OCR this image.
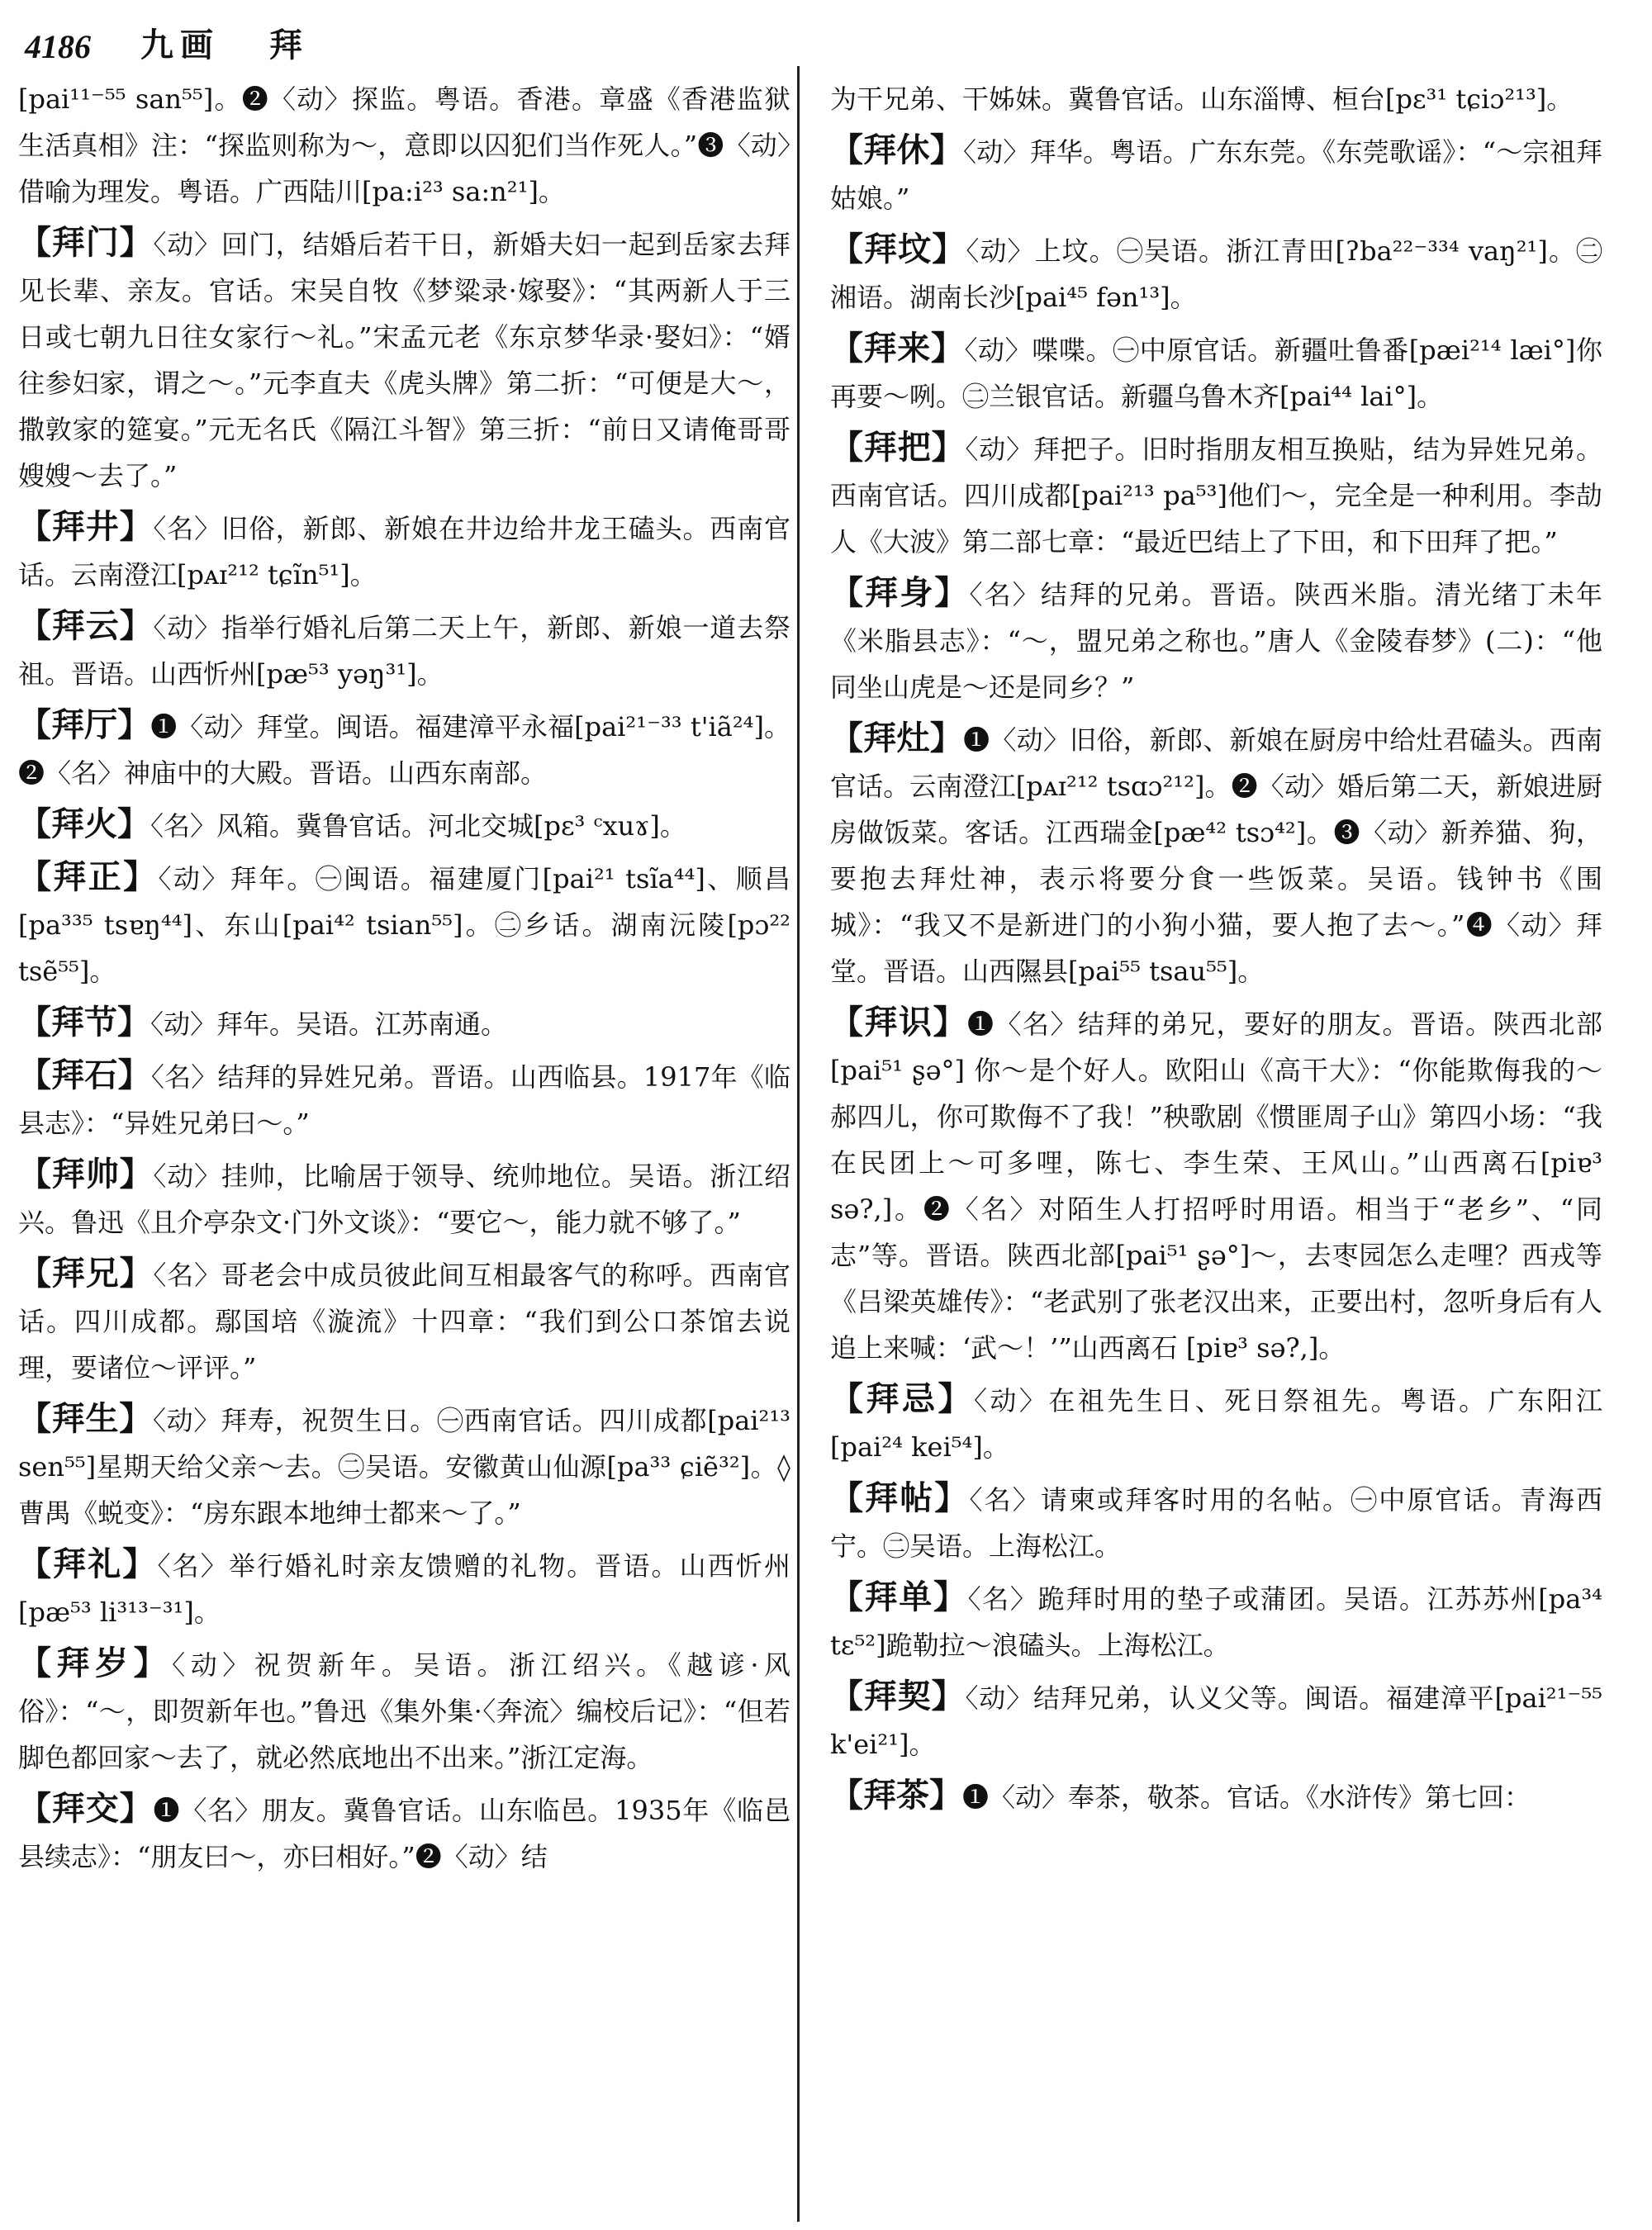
4186 九画 拜
[pai¹¹⁻⁵⁵ san⁵⁵]。❷〈动〉探监。粤语。香港。章盛《香港监狱生活真相》注：“探监则称为～，意即以囚犯们当作死人。”❸〈动〉借喻为理发。粤语。广西陆川[pa:i²³ sa:n²¹]。
【拜门】〈动〉回门，结婚后若干日，新婚夫妇一起到岳家去拜见长辈、亲友。官话。宋吴自牧《梦粱录·嫁娶》：“其两新人于三日或七朝九日往女家行～礼。”宋孟元老《东京梦华录·娶妇》：“婿往参妇家，谓之～。”元李直夫《虎头牌》第二折：“可便是大～，撒敦家的筵宴。”元无名氏《隔江斗智》第三折：“前日又请俺哥哥嫂嫂～去了。”
【拜井】〈名〉旧俗，新郎、新娘在井边给井龙王磕头。西南官话。云南澄江[pᴀɪ²¹² tɕĩn⁵¹]。
【拜云】〈动〉指举行婚礼后第二天上午，新郎、新娘一道去祭祖。晋语。山西忻州[pæ⁵³ yəŋ³¹]。
【拜厅】❶〈动〉拜堂。闽语。福建漳平永福[pai²¹⁻³³ t'iã²⁴]。❷〈名〉神庙中的大殿。晋语。山西东南部。
【拜火】〈名〉风箱。冀鲁官话。河北交城[pɛ³ ᶜxuɤ]。
【拜正】〈动〉拜年。㊀闽语。福建厦门[pai²¹ tsĩa⁴⁴]、顺昌[pa³³⁵ tsɐŋ⁴⁴]、东山[pai⁴² tsian⁵⁵]。㊁乡话。湖南沅陵[pɔ²² tsẽ⁵⁵]。
【拜节】〈动〉拜年。吴语。江苏南通。
【拜石】〈名〉结拜的异姓兄弟。晋语。山西临县。1917年《临县志》：“异姓兄弟曰～。”
【拜帅】〈动〉挂帅，比喻居于领导、统帅地位。吴语。浙江绍兴。鲁迅《且介亭杂文·门外文谈》：“要它～，能力就不够了。”
【拜兄】〈名〉哥老会中成员彼此间互相最客气的称呼。西南官话。四川成都。鄢国培《漩流》十四章：“我们到公口茶馆去说理，要诸位～评评。”
【拜生】〈动〉拜寿，祝贺生日。㊀西南官话。四川成都[pai²¹³ sen⁵⁵]星期天给父亲～去。㊁吴语。安徽黄山仙源[pa³³ ɕiẽ³²]。◊曹禺《蜕变》：“房东跟本地绅士都来～了。”
【拜礼】〈名〉举行婚礼时亲友馈赠的礼物。晋语。山西忻州[pæ⁵³ li³¹³⁻³¹]。
【拜岁】〈动〉祝贺新年。吴语。浙江绍兴。《越谚·风俗》：“～，即贺新年也。”鲁迅《集外集·〈奔流〉编校后记》：“但若脚色都回家～去了，就必然底地出不出来。”浙江定海。
【拜交】❶〈名〉朋友。冀鲁官话。山东临邑。1935年《临邑县续志》：“朋友曰～，亦曰相好。”❷〈动〉结
为干兄弟、干姊妹。冀鲁官话。山东淄博、桓台[pɛ³¹ tɕiɔ²¹³]。
【拜休】〈动〉拜华。粤语。广东东莞。《东莞歌谣》：“～宗祖拜姑娘。”
【拜坟】〈动〉上坟。㊀吴语。浙江青田[ʔba²²⁻³³⁴ vaŋ²¹]。㊁湘语。湖南长沙[pai⁴⁵ fən¹³]。
【拜来】〈动〉喋喋。㊀中原官话。新疆吐鲁番[pæi²¹⁴ læi°]你再要～咧。㊁兰银官话。新疆乌鲁木齐[pai⁴⁴ lai°]。
【拜把】〈动〉拜把子。旧时指朋友相互换贴，结为异姓兄弟。西南官话。四川成都[pai²¹³ pa⁵³]他们～，完全是一种利用。李劼人《大波》第二部七章：“最近巴结上了下田，和下田拜了把。”
【拜身】〈名〉结拜的兄弟。晋语。陕西米脂。清光绪丁未年《米脂县志》：“～，盟兄弟之称也。”唐人《金陵春梦》(二)：“他同坐山虎是～还是同乡？”
【拜灶】❶〈动〉旧俗，新郎、新娘在厨房中给灶君磕头。西南官话。云南澄江[pᴀɪ²¹² tsɑɔ²¹²]。❷〈动〉婚后第二天，新娘进厨房做饭菜。客话。江西瑞金[pæ⁴² tsɔ⁴²]。❸〈动〉新养猫、狗，要抱去拜灶神，表示将要分食一些饭菜。吴语。钱钟书《围城》：“我又不是新进门的小狗小猫，要人抱了去～。”❹〈动〉拜堂。晋语。山西隰县[pai⁵⁵ tsau⁵⁵]。
【拜识】❶〈名〉结拜的弟兄，要好的朋友。晋语。陕西北部[pai⁵¹ ʂə°] 你～是个好人。欧阳山《高干大》：“你能欺侮我的～郝四儿，你可欺侮不了我！”秧歌剧《惯匪周子山》第四小场：“我在民团上～可多哩，陈七、李生荣、王风山。”山西离石[piɐ³ sə?,]。❷〈名〉对陌生人打招呼时用语。相当于“老乡”、“同志”等。晋语。陕西北部[pai⁵¹ ʂə°]～，去枣园怎么走哩？西戎等《吕梁英雄传》：“老武别了张老汉出来，正要出村，忽听身后有人追上来喊：‘武～！’”山西离石 [piɐ³ sə?,]。
【拜忌】〈动〉在祖先生日、死日祭祖先。粤语。广东阳江[pai²⁴ kei⁵⁴]。
【拜帖】〈名〉请柬或拜客时用的名帖。㊀中原官话。青海西宁。㊁吴语。上海松江。
【拜单】〈名〉跪拜时用的垫子或蒲团。吴语。江苏苏州[pa³⁴ tɛ⁵²]跪勒拉～浪磕头。上海松江。
【拜契】〈动〉结拜兄弟，认义父等。闽语。福建漳平[pai²¹⁻⁵⁵ k'ei²¹]。
【拜茶】❶〈动〉奉茶，敬茶。官话。《水浒传》第七回：
